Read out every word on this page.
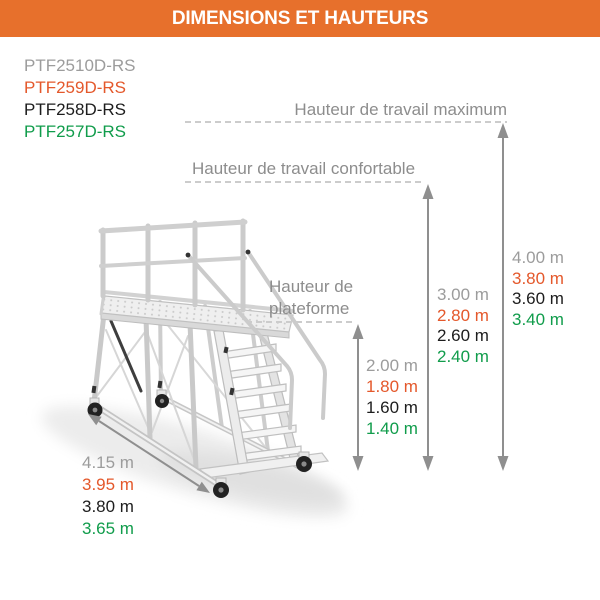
DIMENSIONS ET HAUTEURS
PTF2510D-RS
PTF259D-RS
PTF258D-RS
PTF257D-RS
Hauteur de travail maximum
Hauteur de travail confortable
Hauteur de
plateforme
2.00 m
1.80 m
1.60 m
1.40 m
3.00 m
2.80 m
2.60 m
2.40 m
4.00 m
3.80 m
3.60 m
3.40 m
4.15 m
3.95 m
3.80 m
3.65 m
